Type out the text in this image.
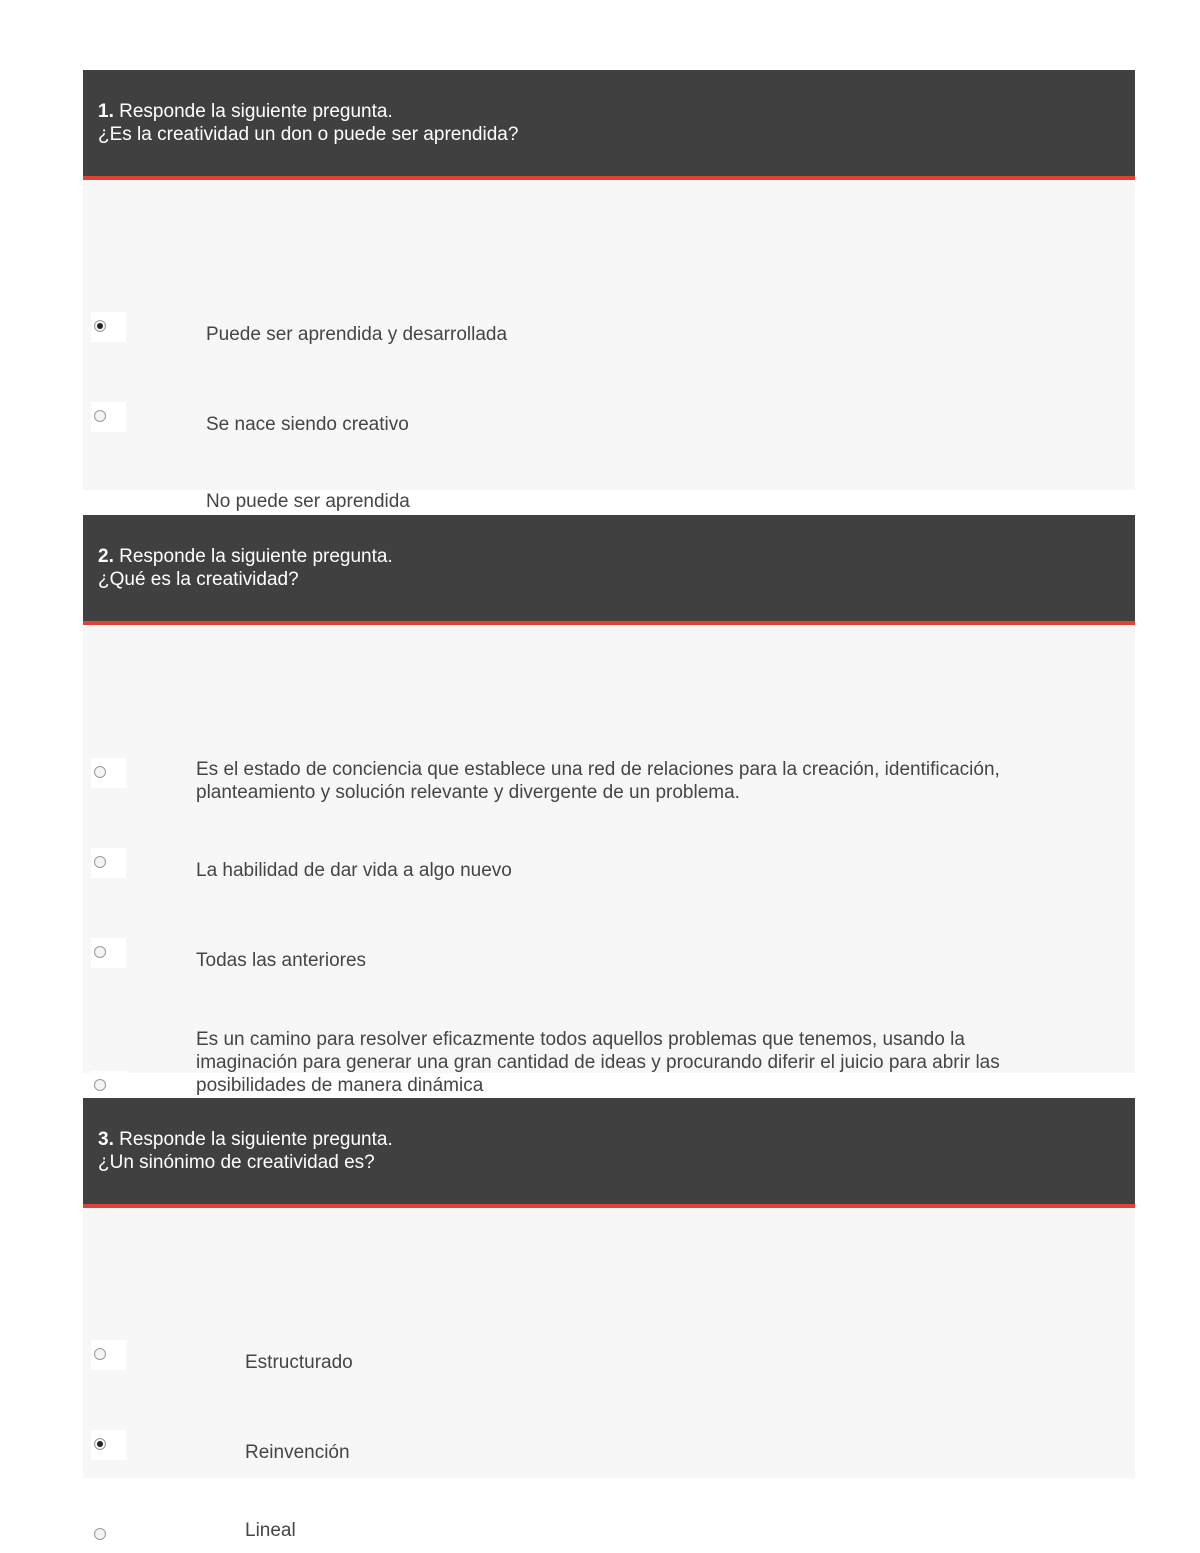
1. Responde la siguiente pregunta.
¿Es la creatividad un don o puede ser aprendida?
Puede ser aprendida y desarrollada
Se nace siendo creativo
No puede ser aprendida
2. Responde la siguiente pregunta.
¿Qué es la creatividad?
Es el estado de conciencia que establece una red de relaciones para la creación, identificación,
planteamiento y solución relevante y divergente de un problema.
La habilidad de dar vida a algo nuevo
Todas las anteriores
Es un camino para resolver eficazmente todos aquellos problemas que tenemos, usando la
imaginación para generar una gran cantidad de ideas y procurando diferir el juicio para abrir las
posibilidades de manera dinámica
3. Responde la siguiente pregunta.
¿Un sinónimo de creatividad es?
Estructurado
Reinvención
Lineal
